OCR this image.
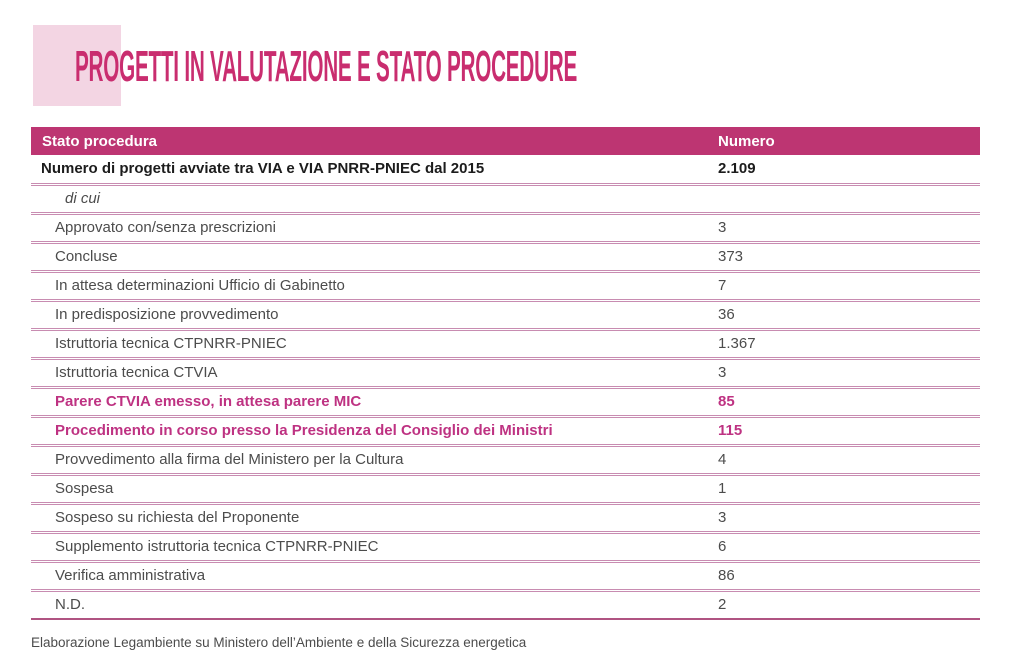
PROGETTI IN VALUTAZIONE E STATO PROCEDURE
Stato procedura	Numero
Numero di progetti avviate tra VIA e VIA PNRR-PNIEC dal 2015	2.109
di cui	
Approvato con/senza prescrizioni	3
Concluse	373
In attesa determinazioni Ufficio di Gabinetto	7
In predisposizione provvedimento	36
Istruttoria tecnica CTPNRR-PNIEC	1.367
Istruttoria tecnica CTVIA	3
Parere CTVIA emesso, in attesa parere MIC	85
Procedimento in corso presso la Presidenza del Consiglio dei Ministri	115
Provvedimento alla firma del Ministero per la Cultura	4
Sospesa	1
Sospeso su richiesta del Proponente	3
Supplemento istruttoria tecnica CTPNRR-PNIEC	6
Verifica amministrativa	86
N.D.	2

Elaborazione Legambiente su Ministero dell’Ambiente e della Sicurezza energetica
